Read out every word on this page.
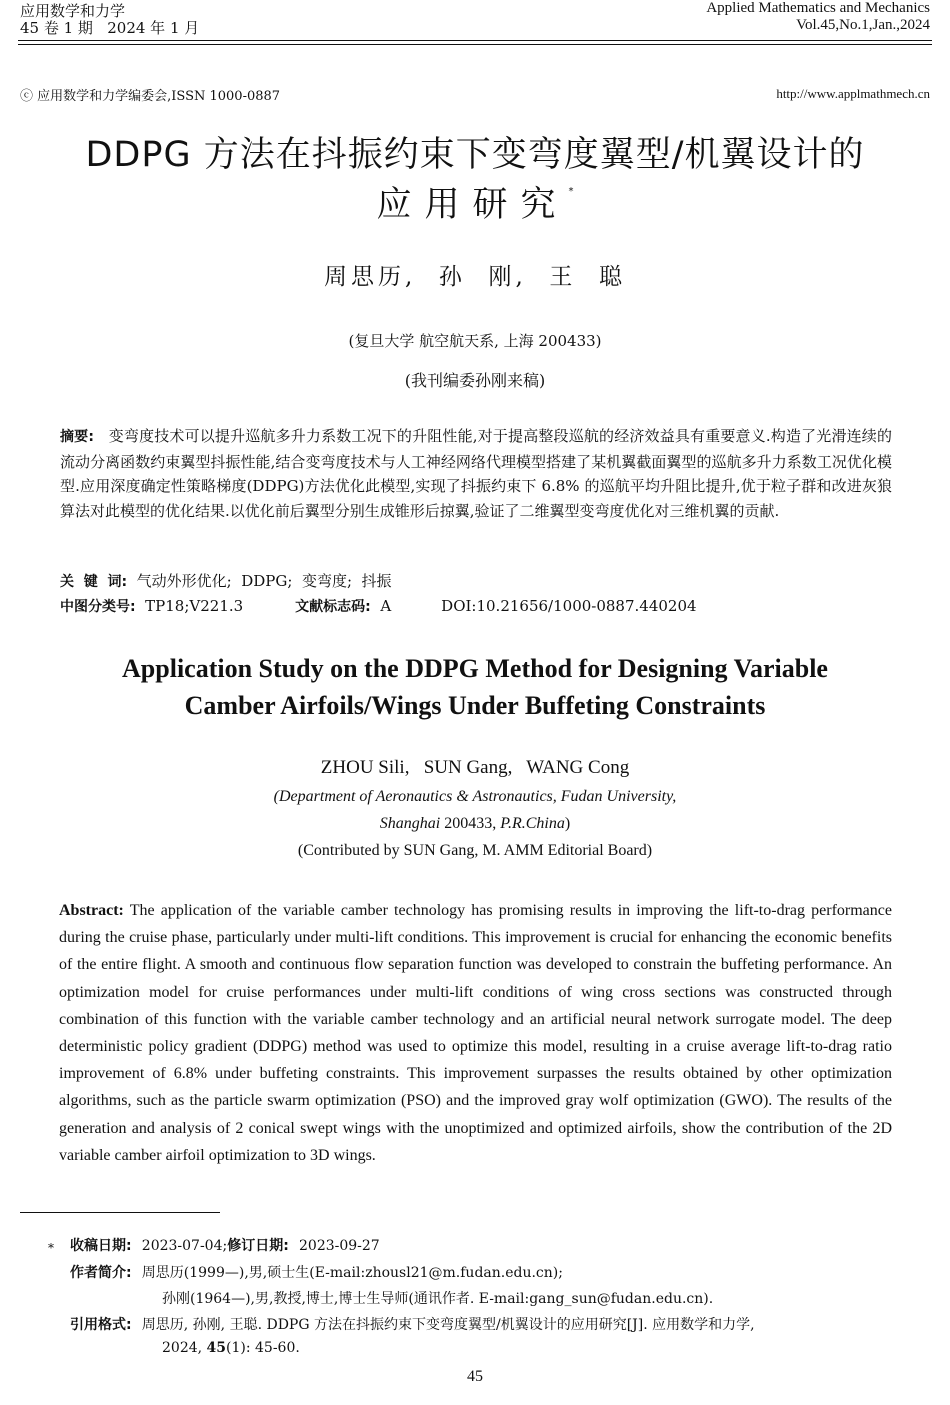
应用数学和力学
45 卷 1 期   2024 年 1 月
Applied Mathematics and Mechanics
Vol.45,No.1,Jan.,2024
ⓒ 应用数学和力学编委会,ISSN 1000-0887	http://www.applmathmech.cn
DDPG 方法在抖振约束下变弯度翼型/机翼设计的
应用研究*
周思历,  孙  刚,  王  聪
(复旦大学 航空航天系, 上海 200433)
(我刊编委孙刚来稿)
摘要: 变弯度技术可以提升巡航多升力系数工况下的升阻性能,对于提高整段巡航的经济效益具有重要意义.构造了光滑连续的流动分离函数约束翼型抖振性能,结合变弯度技术与人工神经网络代理模型搭建了某机翼截面翼型的巡航多升力系数工况优化模型.应用深度确定性策略梯度(DDPG)方法优化此模型,实现了抖振约束下 6.8% 的巡航平均升阻比提升,优于粒子群和改进灰狼算法对此模型的优化结果.以优化前后翼型分别生成锥形后掠翼,验证了二维翼型变弯度优化对三维机翼的贡献.
关  键  词: 气动外形优化;  DDPG;  变弯度;  抖振
中图分类号: TP18;V221.3	文献标志码: A	DOI:10.21656/1000-0887.440204
Application Study on the DDPG Method for Designing Variable
Camber Airfoils/Wings Under Buffeting Constraints
ZHOU Sili,   SUN Gang,   WANG Cong
(Department of Aeronautics & Astronautics, Fudan University,
Shanghai 200433, P.R.China)
(Contributed by SUN Gang, M. AMM Editorial Board)
Abstract: The application of the variable camber technology has promising results in improving the lift-to-drag performance during the cruise phase, particularly under multi-lift conditions. This improvement is crucial for enhancing the economic benefits of the entire flight. A smooth and continuous flow separation function was developed to constrain the buffeting performance. An optimization model for cruise performances under multi-lift conditions of wing cross sections was constructed through combination of this function with the variable camber technology and an artificial neural network surrogate model. The deep deterministic policy gradient (DDPG) method was used to optimize this model, resulting in a cruise average lift-to-drag ratio improvement of 6.8% under buffeting constraints. This improvement surpasses the results obtained by other optimization algorithms, such as the particle swarm optimization (PSO) and the improved gray wolf optimization (GWO). The results of the generation and analysis of 2 conical swept wings with the unoptimized and optimized airfoils, show the contribution of the 2D variable camber airfoil optimization to 3D wings.
* 收稿日期: 2023-07-04;修订日期: 2023-09-27
作者简介: 周思历(1999—),男,硕士生(E-mail:zhousl21@m.fudan.edu.cn);
孙刚(1964—),男,教授,博士,博士生导师(通讯作者. E-mail:gang_sun@fudan.edu.cn).
引用格式: 周思历, 孙刚, 王聪. DDPG 方法在抖振约束下变弯度翼型/机翼设计的应用研究[J]. 应用数学和力学,
2024, 45(1): 45-60.
45
